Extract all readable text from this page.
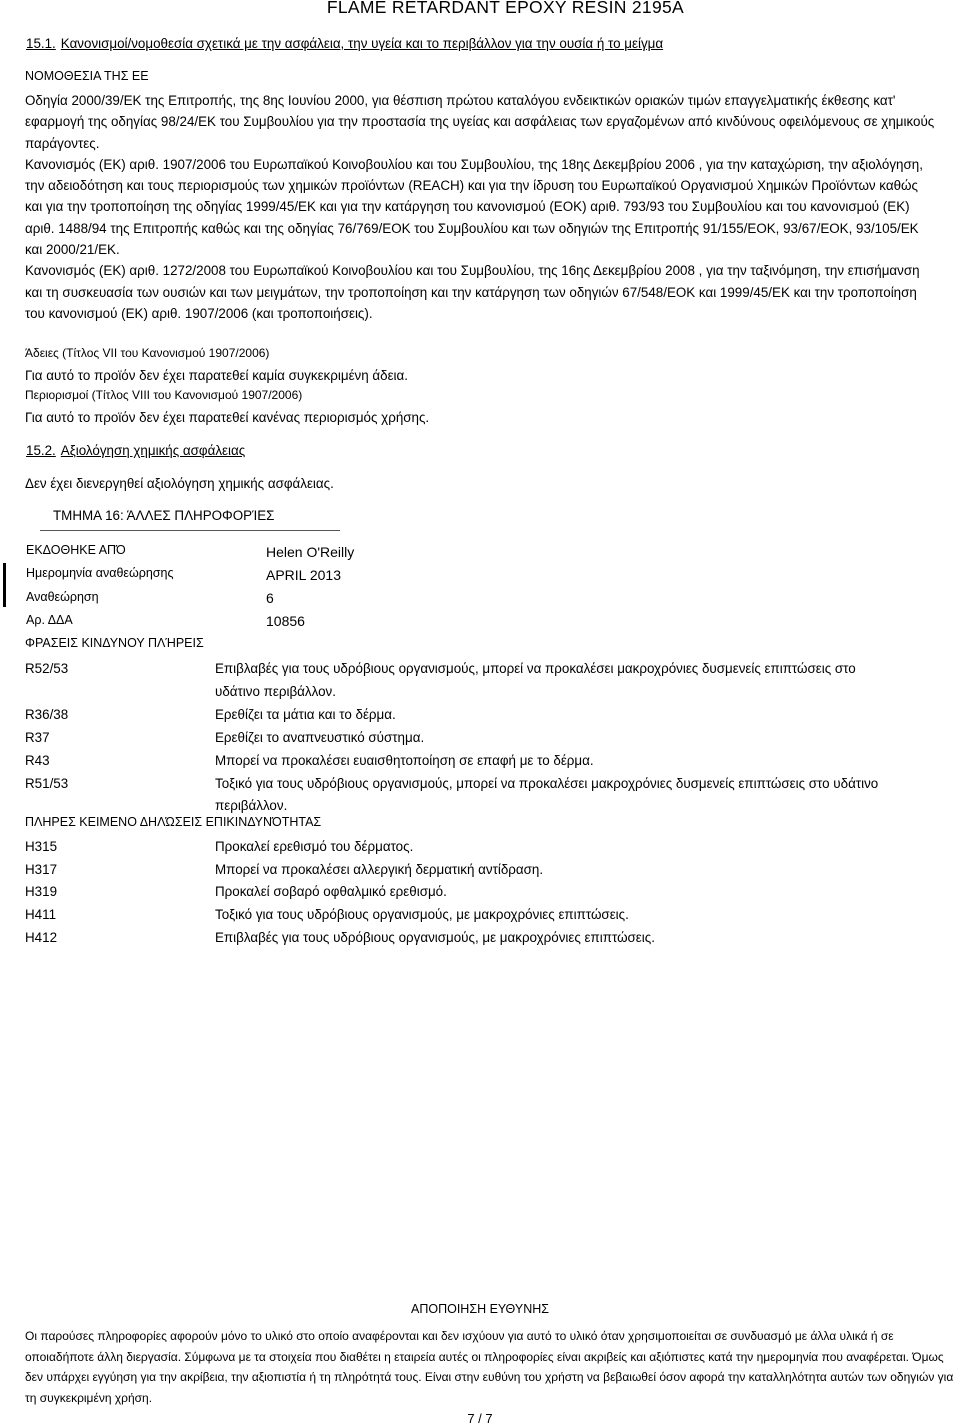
FLAME RETARDANT EPOXY RESIN 2195A
15.1. Κανονισμοί/νομοθεσία σχετικά με την ασφάλεια, την υγεία και το περιβάλλον για την ουσία ή το μείγμα
ΝΟΜΟΘΕΣΙΑ ΤΗΣ ΕΕ

Οδηγία 2000/39/ΕΚ της Επιτροπής, της 8ης Ιουνίου 2000, για θέσπιση πρώτου καταλόγου ενδεικτικών οριακών τιμών επαγγελματικής έκθεσης κατ' εφαρμογή της οδηγίας 98/24/ΕΚ του Συμβουλίου για την προστασία της υγείας και ασφάλειας των εργαζομένων από κινδύνους οφειλόμενους σε χημικούς παράγοντες.

Κανονισμός (ΕΚ) αριθ. 1907/2006 του Ευρωπαϊκού Κοινοβουλίου και του Συμβουλίου, της 18ης Δεκεμβρίου 2006 , για την καταχώριση, την αξιολόγηση, την αδειοδότηση και τους περιορισμούς των χημικών προϊόντων (REACH) και για την ίδρυση του Ευρωπαϊκού Οργανισμού Χημικών Προϊόντων καθώς και για την τροποποίηση της οδηγίας 1999/45/ΕΚ και για την κατάργηση του κανονισμού (ΕΟΚ) αριθ. 793/93 του Συμβουλίου και του κανονισμού (ΕΚ) αριθ. 1488/94 της Επιτροπής καθώς και της οδηγίας 76/769/ΕΟΚ του Συμβουλίου και των οδηγιών της Επιτροπής 91/155/ΕΟΚ, 93/67/ΕΟΚ, 93/105/ΕΚ και 2000/21/ΕΚ.

Κανονισμός (ΕΚ) αριθ. 1272/2008 του Ευρωπαϊκού Κοινοβουλίου και του Συμβουλίου, της 16ης Δεκεμβρίου 2008 , για την ταξινόμηση, την επισήμανση και τη συσκευασία των ουσιών και των μειγμάτων, την τροποποίηση και την κατάργηση των οδηγιών 67/548/ΕΟΚ και 1999/45/ΕΚ και την τροποποίηση του κανονισμού (ΕΚ) αριθ. 1907/2006 (και τροποποιήσεις).

Άδειες (Τίτλος VII του Κανονισμού 1907/2006)
Για αυτό το προϊόν δεν έχει παρατεθεί καμία συγκεκριμένη άδεια.
Περιορισμοί (Τίτλος VIII του Κανονισμού 1907/2006)
Για αυτό το προϊόν δεν έχει παρατεθεί κανένας περιορισμός χρήσης.
15.2. Αξιολόγηση χημικής ασφάλειας
Δεν έχει διενεργηθεί αξιολόγηση χημικής ασφάλειας.
ΤΜΗΜΑ 16: ΆΛΛΕΣ ΠΛΗΡΟΦΟΡΊΕΣ
ΕΚΔΟΘΗΚΕ ΑΠΌ	Helen O'Reilly
Ημερομηνία αναθεώρησης	APRIL 2013
Αναθεώρηση	6
Αρ. ΔΔΑ	10856
ΦΡΑΣΕΙΣ ΚΙΝΔΥΝΟΥ ΠΛΉΡΕΙΣ
R52/53	Επιβλαβές για τους υδρόβιους οργανισμούς, μπορεί να προκαλέσει μακροχρόνιες δυσμενείς επιπτώσεις στο υδάτινο περιβάλλον.
R36/38	Ερεθίζει τα μάτια και το δέρμα.
R37	Ερεθίζει το αναπνευστικό σύστημα.
R43	Μπορεί να προκαλέσει ευαισθητοποίηση σε επαφή με το δέρμα.
R51/53	Τοξικό για τους υδρόβιους οργανισμούς, μπορεί να προκαλέσει μακροχρόνιες δυσμενείς επιπτώσεις στο υδάτινο περιβάλλον.
ΠΛΗΡΕΣ ΚΕΙΜΕΝΟ ΔΗΛΏΣΕΙΣ ΕΠΙΚΙΝΔΥΝΌΤΗΤΑΣ
H315	Προκαλεί ερεθισμό του δέρματος.
H317	Μπορεί να προκαλέσει αλλεργική δερματική αντίδραση.
H319	Προκαλεί σοβαρό οφθαλμικό ερεθισμό.
H411	Τοξικό για τους υδρόβιους οργανισμούς, με μακροχρόνιες επιπτώσεις.
H412	Επιβλαβές για τους υδρόβιους οργανισμούς, με μακροχρόνιες επιπτώσεις.
ΑΠΟΠΟΙΗΣΗ ΕΥΘΥΝΗΣ
Οι παρούσες πληροφορίες αφορούν μόνο το υλικό στο οποίο αναφέρονται και δεν ισχύουν για αυτό το υλικό όταν χρησιμοποιείται σε συνδυασμό με άλλα υλικά ή σε οποιαδήποτε άλλη διεργασία. Σύμφωνα με τα στοιχεία που διαθέτει η εταιρεία αυτές οι πληροφορίες είναι ακριβείς και αξιόπιστες κατά την ημερομηνία που αναφέρεται. Όμως δεν υπάρχει εγγύηση για την ακρίβεια, την αξιοπιστία ή τη πληρότητά τους. Είναι στην ευθύνη του χρήστη να βεβαιωθεί όσον αφορά την καταλληλότητα αυτών των οδηγιών για τη συγκεκριμένη χρήση.
7 / 7
